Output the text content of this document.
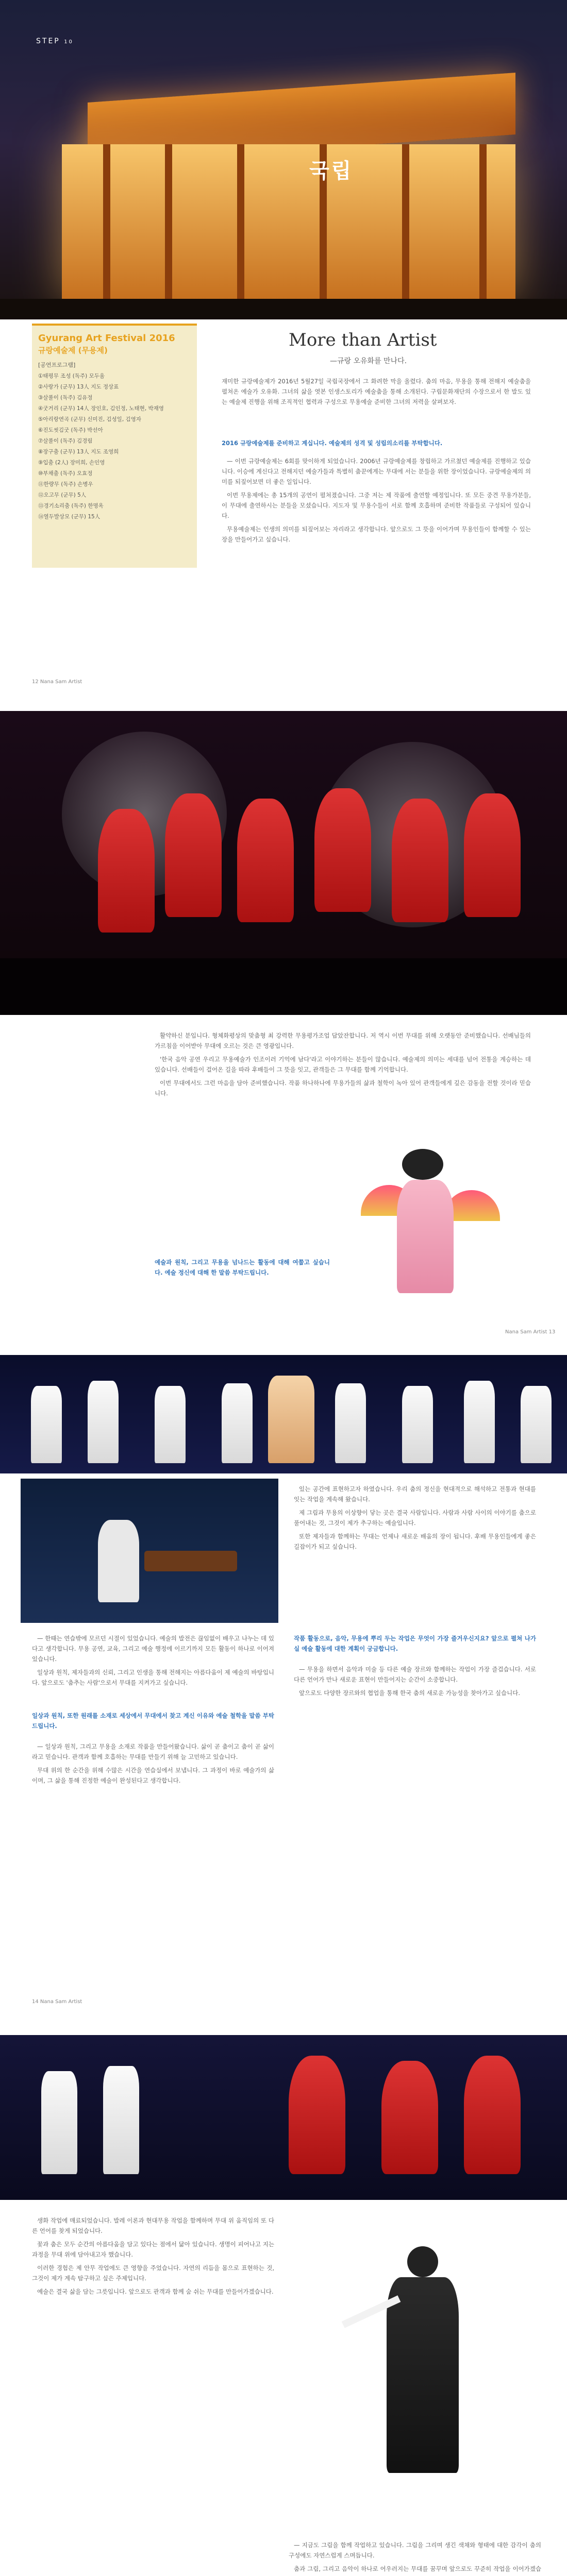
STEP 10
국립
Gyurang Art Festival 2016
규랑예술제 (무용제)
[공연프로그램]
①태평무 조성 (독주) 모두움
②사랑가 (군무) 13人 지도 정상표
③살풀이 (독주) 김유정
④굿거리 (군무) 14人 장인호, 김인정, 노태현, 박재영
⑤아리랑연곡 (군무) 신미진, 김성일, 김영자
⑥진도씻김굿 (독주) 박선아
⑦살풀이 (독주) 김경림
⑧장구춤 (군무) 13人 지도 조영희
⑨입춤 (2人) 장미희, 손인영
⑩부채춤 (독주) 오효정
⑪한량무 (독주) 손병우
⑫오고무 (군무) 5人
⑬경기소리춤 (독주) 한명옥
⑭열두발상모 (군무) 15人
More than Artist
—규랑 오유화를 만나다.
재미한 규랑예술제가 2016년 5월27일 국립국장에서 그 화려한 막을 올렸다. 춤의 마음, 무용을 통해 전해지 예술춤을 펼쳐온 예술가 오유화. 그녀의 삶을 엿본 인생스토리가 예술춤을 통해 소개된다. 구립문화재단의 수장으로서 한 발도 있는 예술제 진행을 위해 조직적인 협력과 구성으로 무용예술 준비한 그녀의 저력을 살펴보자.
2016 규랑예술제를 준비하고 계십니다. 예술제의 성격 및 성립의소리를 부탁합니다.

— 이번 규랑예술제는 6회를 맞이하게 되었습니다. 2006년 규랑예술제를 창립하고 가르쳤던 예술제를 진행하고 있습니다. 이승에 계신다고 전해지던 예술가들과 특별히 춤꾼에게는 무대에 서는 분들을 위한 장이었습니다. 규랑예술제의 의미를 되짚어보면 더 좋은 일입니다.

이번 무용제에는 총 15개의 공연이 펼쳐졌습니다. 그중 저는 제 작품에 출연할 예정입니다. 또 모든 중견 무용가분들, 이 무대에 출연하시는 분들을 모셨습니다. 지도자 및 무용수들이 서로 함께 호흡하며 준비한 작품들로 구성되어 있습니다.

무용예술제는 인생의 의미를 되짚어보는 자리라고 생각합니다. 앞으로도 그 뜻을 이어가며 무용인들이 함께할 수 있는 장을 만들어가고 싶습니다.

12 Nana Sam Artist

활약하신 분입니다. 형체화평상의 맞춤형 최 강력한 무용평가조업 답았잔합니다. 저 역시 이번 무대를 위해 오랫동안 준비했습니다. 선배님들의 가르침을 이어받아 무대에 오르는 것은 큰 영광입니다.

'한국 음악 공연 우리고 무용예술가 인조이러 기억에 남다'라고 이야기하는 분들이 많습니다. 예술제의 의미는 세대를 넘어 전통을 계승하는 데 있습니다. 선배들이 걸어온 길을 따라 후배들이 그 뜻을 잇고, 관객들은 그 무대를 함께 기억합니다.

이번 무대에서도 그런 마음을 담아 준비했습니다. 작품 하나하나에 무용가들의 삶과 철학이 녹아 있어 관객들에게 깊은 감동을 전할 것이라 믿습니다.

예술과 원칙, 그리고 무용을 넘나드는 활동에 대해 여쭙고 싶습니다. 예술 정신에 대해 한 말씀 부탁드립니다.
Nana Sam Artist 13

— 한때는 연습밖에 모르던 시절이 있었습니다. 예술의 발전은 끊임없이 배우고 나누는 데 있다고 생각합니다. 무용 공연, 교육, 그리고 예술 행정에 이르기까지 모든 활동이 하나로 이어져 있습니다.

일상과 원칙, 제자들과의 신뢰, 그리고 인생을 통해 전해지는 아름다움이 제 예술의 바탕입니다. 앞으로도 '춤추는 사람'으로서 무대를 지켜가고 싶습니다.

일상과 원칙, 또한 원래를 소재로 세상에서 무대에서 찾고 계신 이유와 예술 철학을 말씀 부탁드립니다.

— 일상과 원칙, 그리고 무용을 소재로 작품을 만들어왔습니다. 삶이 곧 춤이고 춤이 곧 삶이라고 믿습니다. 관객과 함께 호흡하는 무대를 만들기 위해 늘 고민하고 있습니다.

무대 위의 한 순간을 위해 수많은 시간을 연습실에서 보냅니다. 그 과정이 바로 예술가의 삶이며, 그 삶을 통해 진정한 예술이 완성된다고 생각합니다.

있는 공간에 표현하고자 하였습니다. 우리 춤의 정신을 현대적으로 해석하고 전통과 현대를 잇는 작업을 계속해 왔습니다.

제 그림과 무용의 이상향이 닿는 곳은 결국 사람입니다. 사람과 사람 사이의 이야기를 춤으로 풀어내는 것, 그것이 제가 추구하는 예술입니다.

또한 제자들과 함께하는 무대는 언제나 새로운 배움의 장이 됩니다. 후배 무용인들에게 좋은 길잡이가 되고 싶습니다.

작품 활동으로, 음악, 무용에 뿌리 두는 작업은 무엇이 가장 즐거우신지요? 앞으로 펼쳐 나가실 예술 활동에 대한 계획이 궁금합니다.

— 무용을 하면서 음악과 미술 등 다른 예술 장르와 함께하는 작업이 가장 즐겁습니다. 서로 다른 언어가 만나 새로운 표현이 만들어지는 순간이 소중합니다.

앞으로도 다양한 장르와의 협업을 통해 한국 춤의 새로운 가능성을 찾아가고 싶습니다.

14 Nana Sam Artist

생화 작업에 매료되었습니다. 발레 이론과 현대무용 작업을 함께하며 무대 위 움직임의 또 다른 언어를 찾게 되었습니다.

꽃과 춤은 모두 순간의 아름다움을 담고 있다는 점에서 닮아 있습니다. 생명이 피어나고 지는 과정을 무대 위에 담아내고자 했습니다.

이러한 경험은 제 안무 작업에도 큰 영향을 주었습니다. 자연의 리듬을 몸으로 표현하는 것, 그것이 제가 계속 탐구하고 싶은 주제입니다.

예술은 결국 삶을 담는 그릇입니다. 앞으로도 관객과 함께 숨 쉬는 무대를 만들어가겠습니다.

— 지금도 그림을 함께 작업하고 있습니다. 그림을 그리며 생긴 색채와 형태에 대한 감각이 춤의 구성에도 자연스럽게 스며듭니다.

춤과 그림, 그리고 음악이 하나로 어우러지는 무대를 꿈꾸며 앞으로도 꾸준히 작업을 이어가겠습
